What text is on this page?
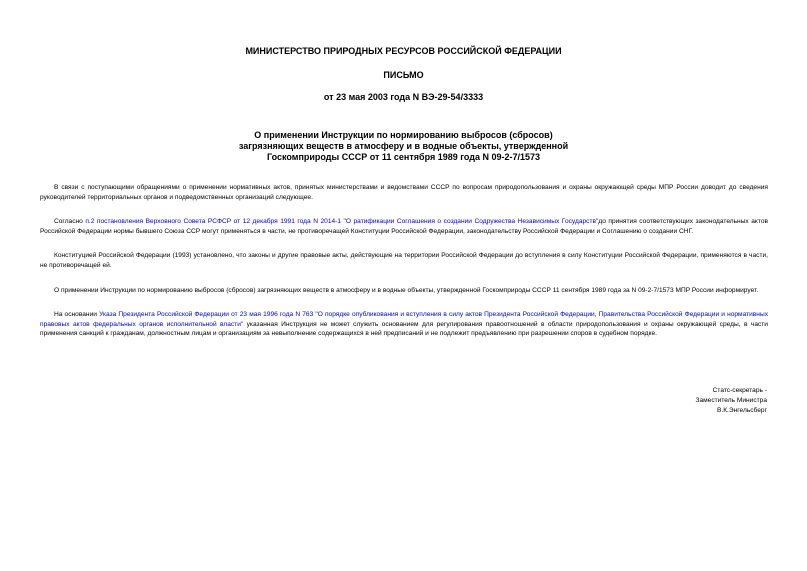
МИНИСТЕРСТВО ПРИРОДНЫХ РЕСУРСОВ РОССИЙСКОЙ ФЕДЕРАЦИИ
ПИСЬМО
от 23 мая 2003 года N ВЭ-29-54/3333
О применении Инструкции по нормированию выбросов (сбросов)
загрязняющих веществ в атмосферу и в водные объекты, утвержденной
Госкомприроды СССР от 11 сентября 1989 года N 09-2-7/1573

В связи с поступающими обращениями о применении нормативных актов, принятых министерствами и ведомствами СССР по вопросам природопользования и охраны окружающей среды МПР России доводит до сведения руководителей территориальных органов и подведомственных организаций следующее.

Согласно п.2 постановления Верховного Совета РСФСР от 12 декабря 1991 года N 2014-1 "О ратификации Соглашения о создании Содружества Независимых Государств"до принятия соответствующих законодательных актов Российской Федерации нормы бывшего Союза ССР могут применяться в части, не противоречащей Конституции Российской Федерации, законодательству Российской Федерации и Соглашению о создании СНГ.

Конституцией Российской Федерации (1993) установлено, что законы и другие правовые акты, действующие на территории Российской Федерации до вступления в силу Конституции Российской Федерации, применяются в части, не противоречащей ей.

О применении Инструкции по нормированию выбросов (сбросов) загрязняющих веществ в атмосферу и в водные объекты, утвержденной Госкомприроды СССР 11 сентября 1989 года за N 09-2-7/1573 МПР России информирует.

На основании Указа Президента Российской Федерации от 23 мая 1996 года N 763 "О порядке опубликования и вступления в силу актов Президента Российской Федерации, Правительства Российской Федерации и нормативных правовых актов федеральных органов исполнительной власти" указанная Инструкция не может служить основанием для регулирования правоотношений в области природопользования и охраны окружающей среды, в части применения санкций к гражданам, должностным лицам и организациям за невыполнение содержащихся в ней предписаний и не подлежит предъявлению при разрешении споров в судебном порядке.

Статс-секретарь -
Заместитель Министра
В.К.Энгельсберг
